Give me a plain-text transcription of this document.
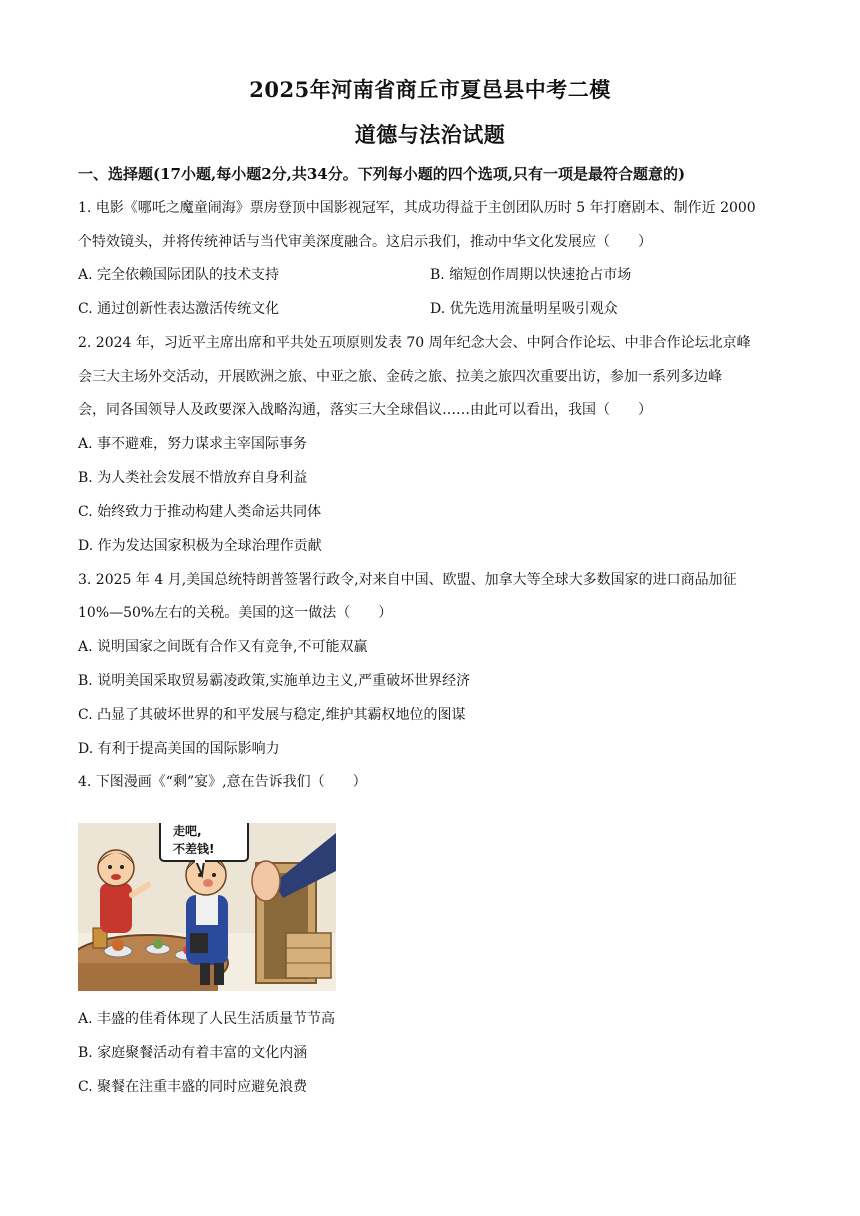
2025年河南省商丘市夏邑县中考二模
道德与法治试题
一、选择题(17小题,每小题2分,共34分。下列每小题的四个选项,只有一项是最符合题意的)
1. 电影《哪吒之魔童闹海》票房登顶中国影视冠军，其成功得益于主创团队历时 5 年打磨剧本、制作近 2000
个特效镜头，并将传统神话与当代审美深度融合。这启示我们，推动中华文化发展应（　　）
A. 完全依赖国际团队的技术支持	B. 缩短创作周期以快速抢占市场
C. 通过创新性表达激活传统文化	D. 优先选用流量明星吸引观众
2. 2024 年，习近平主席出席和平共处五项原则发表 70 周年纪念大会、中阿合作论坛、中非合作论坛北京峰
会三大主场外交活动，开展欧洲之旅、中亚之旅、金砖之旅、拉美之旅四次重要出访，参加一系列多边峰
会，同各国领导人及政要深入战略沟通，落实三大全球倡议……由此可以看出，我国（　　）
A. 事不避难，努力谋求主宰国际事务
B. 为人类社会发展不惜放弃自身利益
C. 始终致力于推动构建人类命运共同体
D. 作为发达国家积极为全球治理作贡献
3. 2025 年 4 月,美国总统特朗普签署行政令,对来自中国、欧盟、加拿大等全球大多数国家的进口商品加征
10%—50%左右的关税。美国的这一做法（　　）
A. 说明国家之间既有合作又有竞争,不可能双赢
B. 说明美国采取贸易霸凌政策,实施单边主义,严重破坏世界经济
C. 凸显了其破坏世界的和平发展与稳定,维护其霸权地位的图谋
D. 有利于提高美国的国际影响力
4. 下图漫画《“剩”宴》,意在告诉我们（　　）
走吧,
不差钱!
A. 丰盛的佳肴体现了人民生活质量节节高
B. 家庭聚餐活动有着丰富的文化内涵
C. 聚餐在注重丰盛的同时应避免浪费
